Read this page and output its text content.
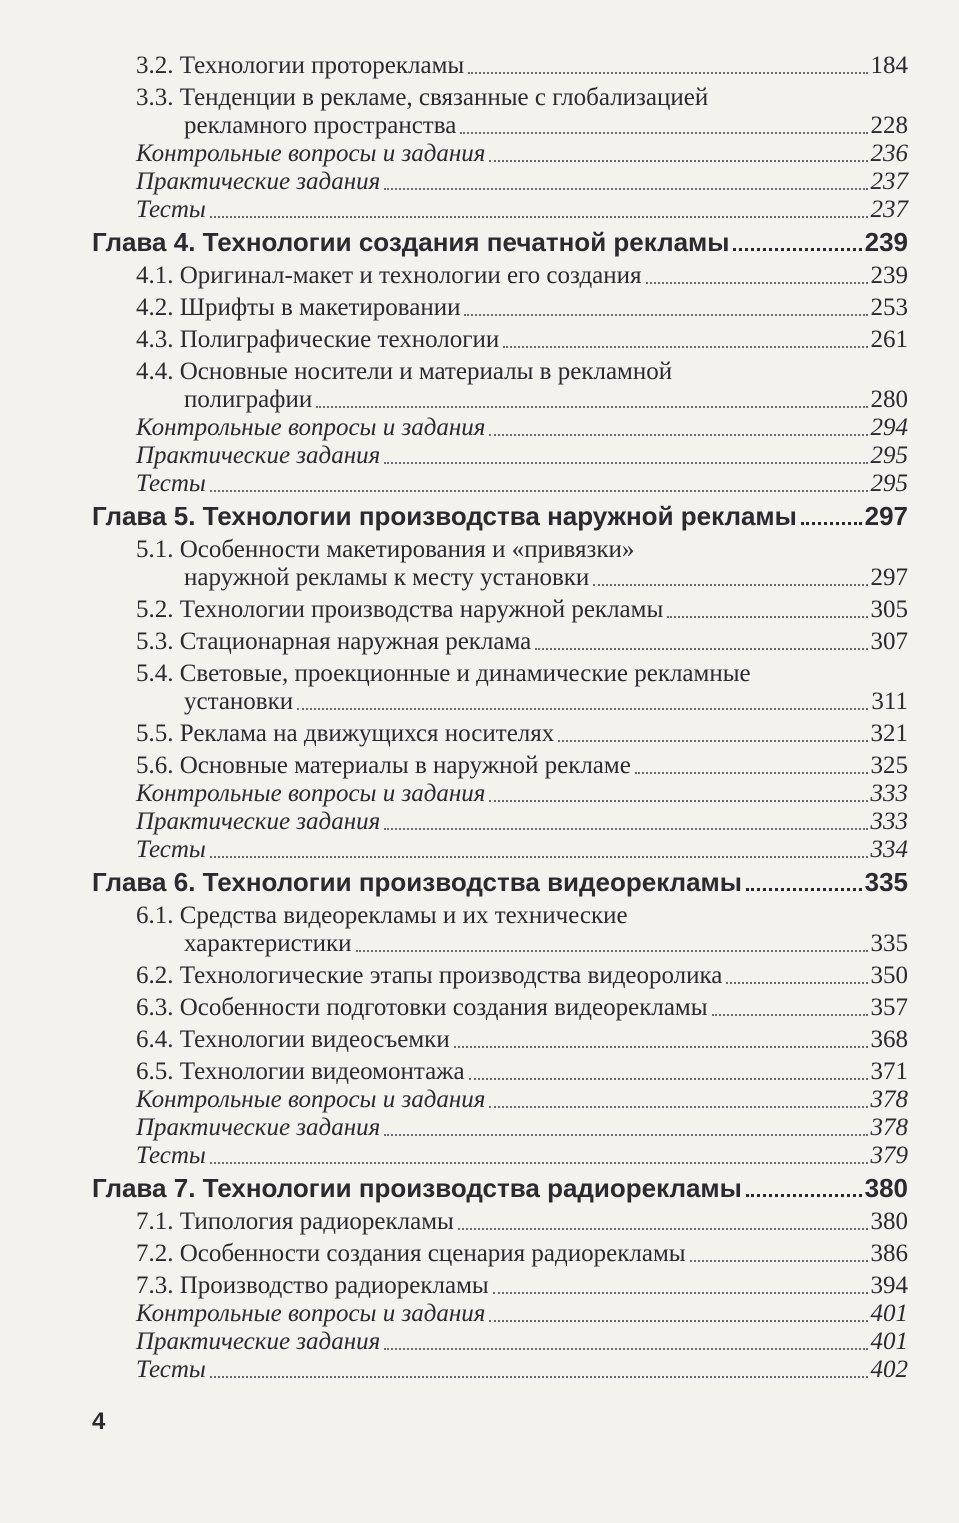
3.2. Технологии проторекламы	184
3.3. Тенденции в рекламе, связанные с глобализацией
рекламного пространства	228
Контрольные вопросы и задания	236
Практические задания	237
Тесты	237
Глава 4. Технологии создания печатной рекламы	239
4.1. Оригинал-макет и технологии его создания	239
4.2. Шрифты в макетировании	253
4.3. Полиграфические технологии	261
4.4. Основные носители и материалы в рекламной
полиграфии	280
Контрольные вопросы и задания	294
Практические задания	295
Тесты	295
Глава 5. Технологии производства наружной рекламы	297
5.1. Особенности макетирования и «привязки»
наружной рекламы к месту установки	297
5.2. Технологии производства наружной рекламы	305
5.3. Стационарная наружная реклама	307
5.4. Световые, проекционные и динамические рекламные
установки	311
5.5. Реклама на движущихся носителях	321
5.6. Основные материалы в наружной рекламе	325
Контрольные вопросы и задания	333
Практические задания	333
Тесты	334
Глава 6. Технологии производства видеорекламы	335
6.1. Средства видеорекламы и их технические
характеристики	335
6.2. Технологические этапы производства видеоролика	350
6.3. Особенности подготовки создания видеорекламы	357
6.4. Технологии видеосъемки	368
6.5. Технологии видеомонтажа	371
Контрольные вопросы и задания	378
Практические задания	378
Тесты	379
Глава 7. Технологии производства радиорекламы	380
7.1. Типология радиорекламы	380
7.2. Особенности создания сценария радиорекламы	386
7.3. Производство радиорекламы	394
Контрольные вопросы и задания	401
Практические задания	401
Тесты	402
4
